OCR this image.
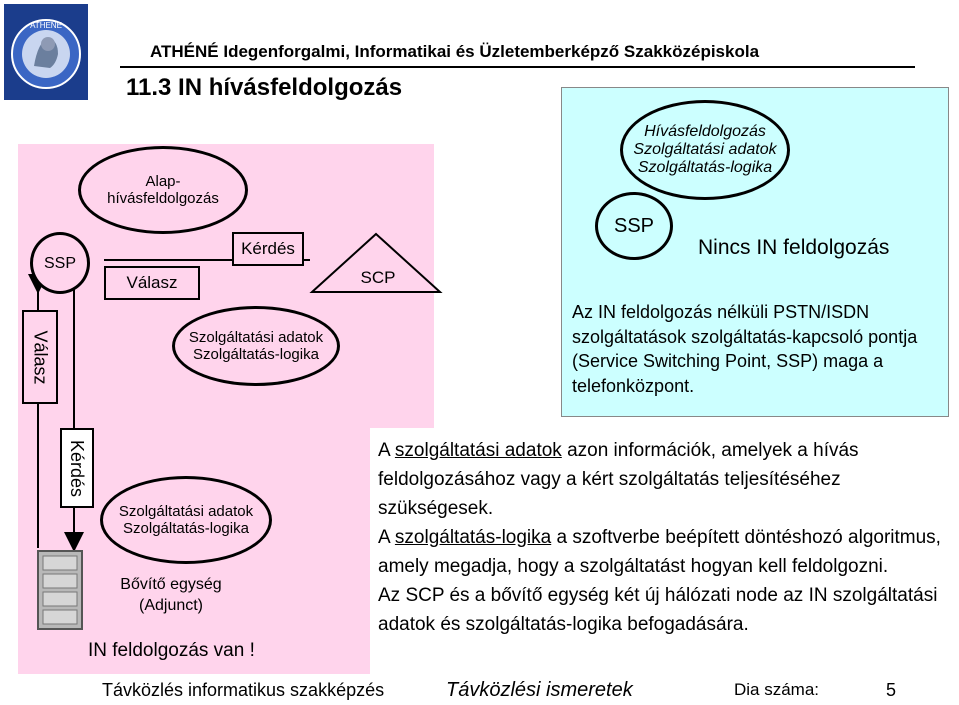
ATHENE
ATHÉNÉ Idegenforgalmi, Informatikai és Üzletemberképző Szakközépiskola
11.3 IN hívásfeldolgozás
SSP
Alap-
hívásfeldolgozás
Válasz
Kérdés
SCP
Szolgáltatási adatok
Szolgáltatás-logika
Válasz
Kérdés
Szolgáltatási adatok
Szolgáltatás-logika
Bővítő egység
(Adjunct)
IN feldolgozás van !
Hívásfeldolgozás
Szolgáltatási adatok
Szolgáltatás-logika
SSP
Nincs IN feldolgozás
Az IN feldolgozás nélküli PSTN/ISDN szolgáltatások szolgáltatás-kapcsoló pontja (Service Switching Point, SSP) maga a telefonközpont.
A szolgáltatási adatok azon információk, amelyek a hívás feldolgozásához vagy a kért szolgáltatás teljesítéséhez szükségesek.
A szolgáltatás-logika a szoftverbe beépített döntéshozó algoritmus, amely megadja, hogy a szolgáltatást hogyan kell feldolgozni.
Az SCP és a bővítő egység két új hálózati node az IN szolgáltatási adatok és szolgáltatás-logika befogadására.
Távközlés informatikus szakképzés	Távközlési ismeretek	Dia száma:	5
